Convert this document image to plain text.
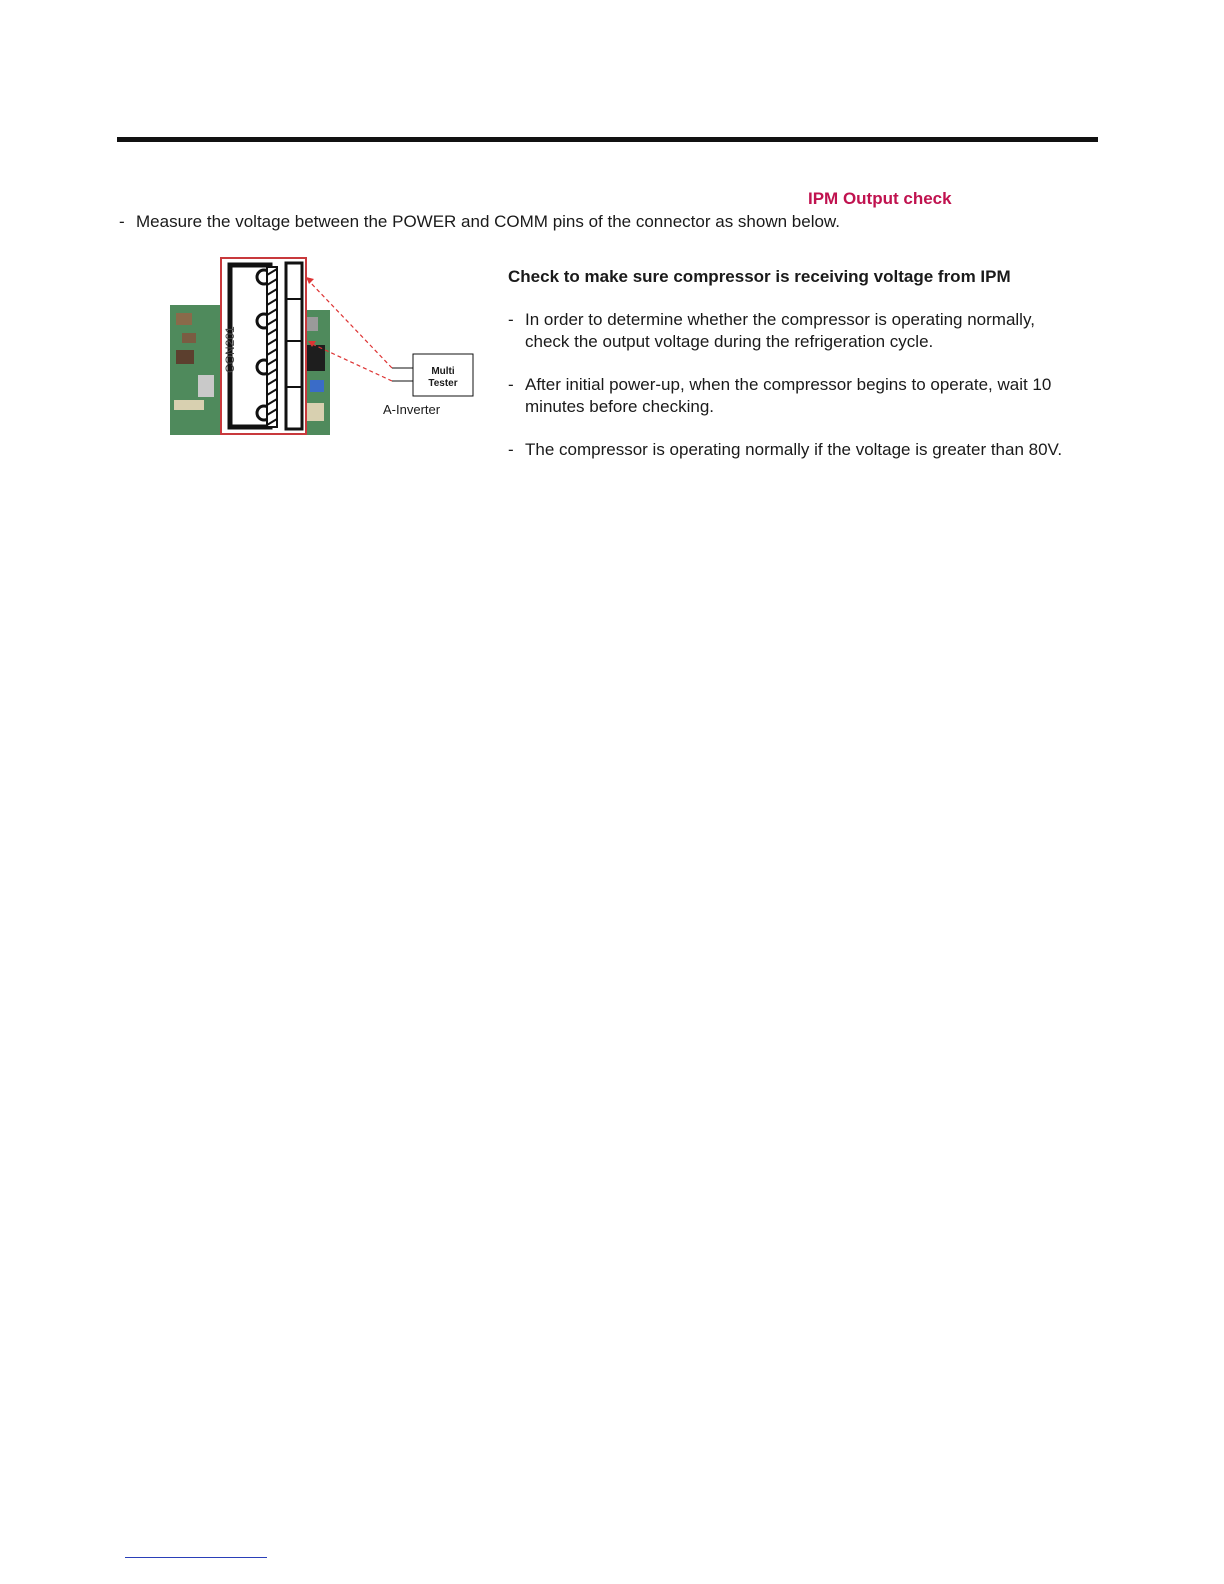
IPM Output check
- Measure the voltage between the POWER and COMM pins of the connector as shown below.
CON201	Multi
Tester
A-Inverter
Check to make sure compressor is receiving voltage from IPM
- In order to determine whether the compressor is operating normally,
check the output voltage during the refrigeration cycle.
- After initial power-up, when the compressor begins to operate, wait 10
minutes before checking.
- The compressor is operating normally if the voltage is greater than 80V.
